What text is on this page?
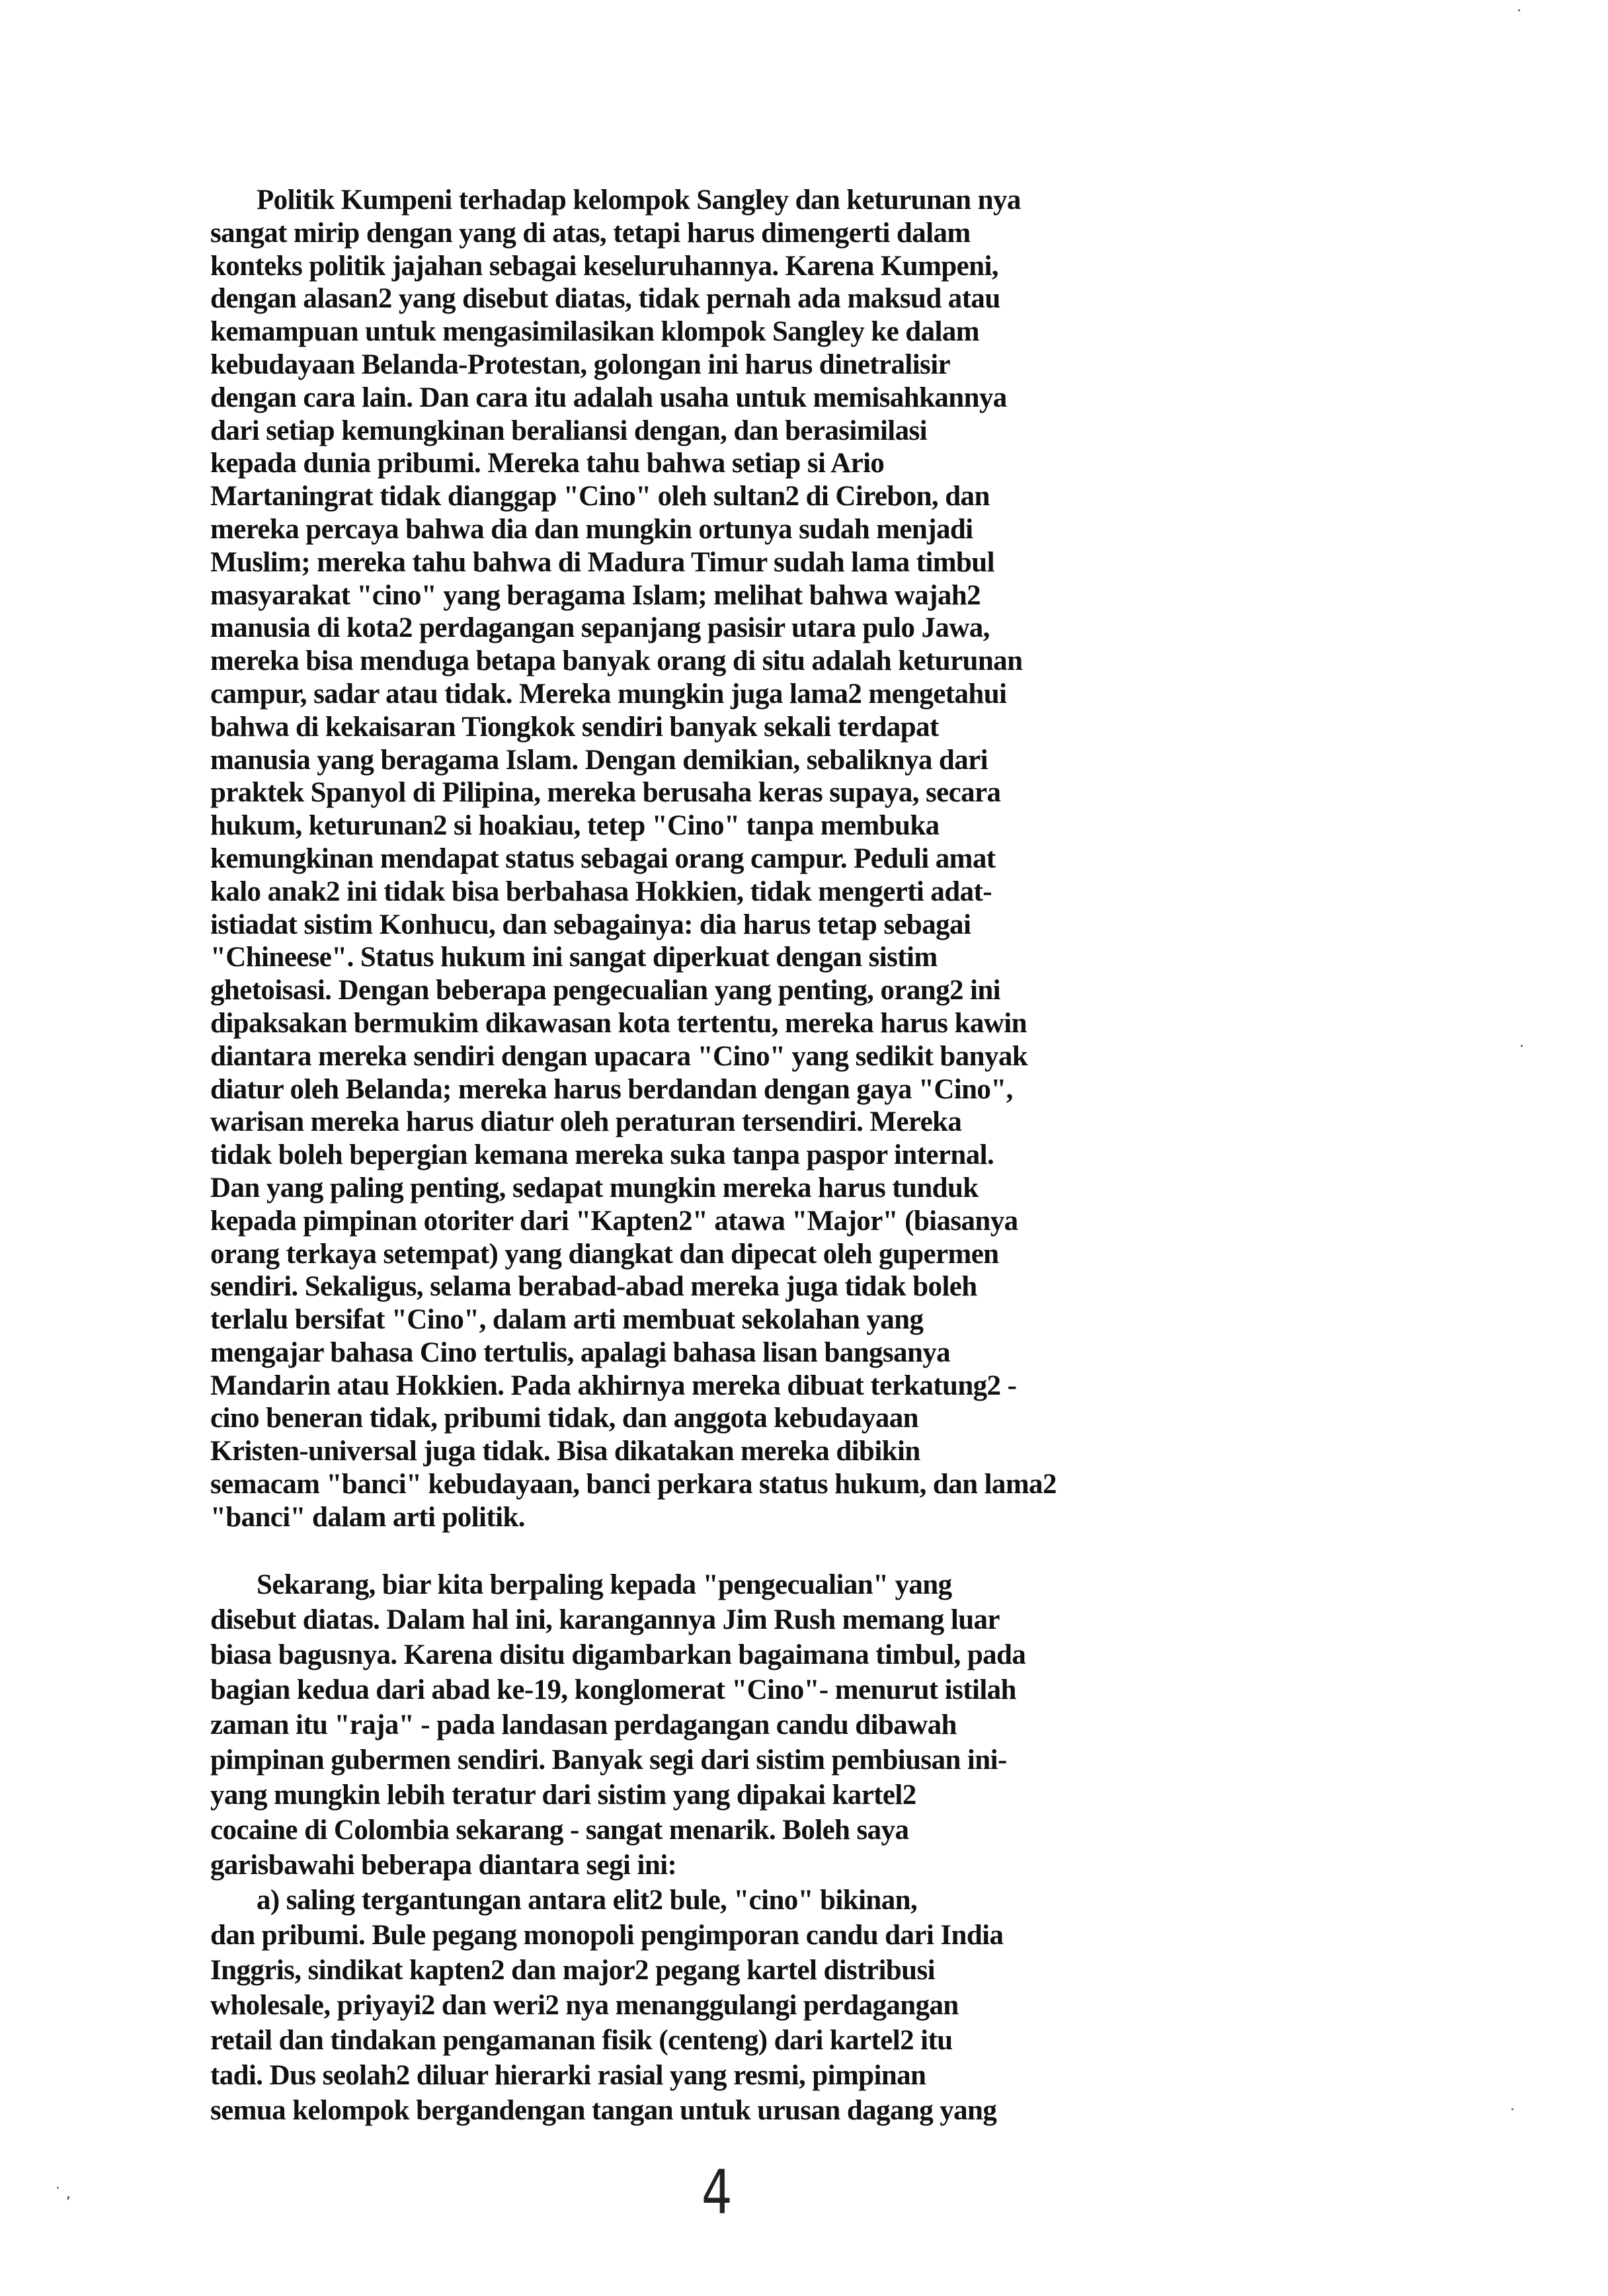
Politik Kumpeni terhadap kelompok Sangley dan keturunan nya
sangat mirip dengan yang di atas, tetapi harus dimengerti dalam
konteks politik jajahan sebagai keseluruhannya. Karena Kumpeni,
dengan alasan2 yang disebut diatas, tidak pernah ada maksud atau
kemampuan untuk mengasimilasikan klompok Sangley ke dalam
kebudayaan Belanda-Protestan, golongan ini harus dinetralisir
dengan cara lain. Dan cara itu adalah usaha untuk memisahkannya
dari setiap kemungkinan beraliansi dengan, dan berasimilasi
kepada dunia pribumi. Mereka tahu bahwa setiap si Ario
Martaningrat tidak dianggap "Cino" oleh sultan2 di Cirebon, dan
mereka percaya bahwa dia dan mungkin ortunya sudah menjadi
Muslim; mereka tahu bahwa di Madura Timur sudah lama timbul
masyarakat "cino" yang beragama Islam; melihat bahwa wajah2
manusia di kota2 perdagangan sepanjang pasisir utara pulo Jawa,
mereka bisa menduga betapa banyak orang di situ adalah keturunan
campur, sadar atau tidak. Mereka mungkin juga lama2 mengetahui
bahwa di kekaisaran Tiongkok sendiri banyak sekali terdapat
manusia yang beragama Islam. Dengan demikian, sebaliknya dari
praktek Spanyol di Pilipina, mereka berusaha keras supaya, secara
hukum, keturunan2 si hoakiau, tetep "Cino" tanpa membuka
kemungkinan mendapat status sebagai orang campur. Peduli amat
kalo anak2 ini tidak bisa berbahasa Hokkien, tidak mengerti adat-
istiadat sistim Konhucu, dan sebagainya: dia harus tetap sebagai
"Chineese". Status hukum ini sangat diperkuat dengan sistim
ghetoisasi. Dengan beberapa pengecualian yang penting, orang2 ini
dipaksakan bermukim dikawasan kota tertentu, mereka harus kawin
diantara mereka sendiri dengan upacara "Cino" yang sedikit banyak
diatur oleh Belanda; mereka harus berdandan dengan gaya "Cino",
warisan mereka harus diatur oleh peraturan tersendiri. Mereka
tidak boleh bepergian kemana mereka suka tanpa paspor internal.
Dan yang paling penting, sedapat mungkin mereka harus tunduk
kepada pimpinan otoriter dari "Kapten2" atawa "Major" (biasanya
orang terkaya setempat) yang diangkat dan dipecat oleh gupermen
sendiri. Sekaligus, selama berabad-abad mereka juga tidak boleh
terlalu bersifat "Cino", dalam arti membuat sekolahan yang
mengajar bahasa Cino tertulis, apalagi bahasa lisan bangsanya
Mandarin atau Hokkien. Pada akhirnya mereka dibuat terkatung2 -
cino beneran tidak, pribumi tidak, dan anggota kebudayaan
Kristen-universal juga tidak. Bisa dikatakan mereka dibikin
semacam "banci" kebudayaan, banci perkara status hukum, dan lama2
"banci" dalam arti politik.
Sekarang, biar kita berpaling kepada "pengecualian" yang
disebut diatas. Dalam hal ini, karangannya Jim Rush memang luar
biasa bagusnya. Karena disitu digambarkan bagaimana timbul, pada
bagian kedua dari abad ke-19, konglomerat "Cino"- menurut istilah
zaman itu "raja" - pada landasan perdagangan candu dibawah
pimpinan gubermen sendiri. Banyak segi dari sistim pembiusan ini-
yang mungkin lebih teratur dari sistim yang dipakai kartel2
cocaine di Colombia sekarang - sangat menarik. Boleh saya
garisbawahi beberapa diantara segi ini:
a) saling tergantungan antara elit2 bule, "cino" bikinan,
dan pribumi. Bule pegang monopoli pengimporan candu dari India
Inggris, sindikat kapten2 dan major2 pegang kartel distribusi
wholesale, priyayi2 dan weri2 nya menanggulangi perdagangan
retail dan tindakan pengamanan fisik (centeng) dari kartel2 itu
tadi. Dus seolah2 diluar hierarki rasial yang resmi, pimpinan
semua kelompok bergandengan tangan untuk urusan dagang yang
4
˙ ,
